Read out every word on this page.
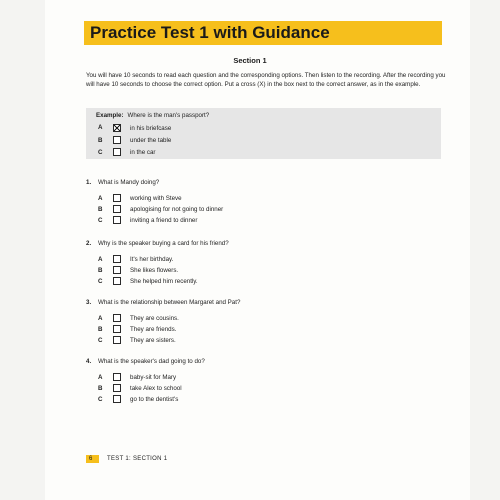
Practice Test 1 with Guidance
Section 1
You will have 10 seconds to read each question and the corresponding options. Then listen to the recording. After the recording you will have 10 seconds to choose the correct option. Put a cross (X) in the box next to the correct answer, as in the example.
Example: Where is the man's passport?
A	in his briefcase
B	under the table
C	in the car
1. What is Mandy doing?
A	working with Steve
B	apologising for not going to dinner
C	inviting a friend to dinner
2. Why is the speaker buying a card for his friend?
A	It's her birthday.
B	She likes flowers.
C	She helped him recently.
3. What is the relationship between Margaret and Pat?
A	They are cousins.
B	They are friends.
C	They are sisters.
4. What is the speaker's dad going to do?
A	baby-sit for Mary
B	take Alex to school
C	go to the dentist's
6 TEST 1: SECTION 1
